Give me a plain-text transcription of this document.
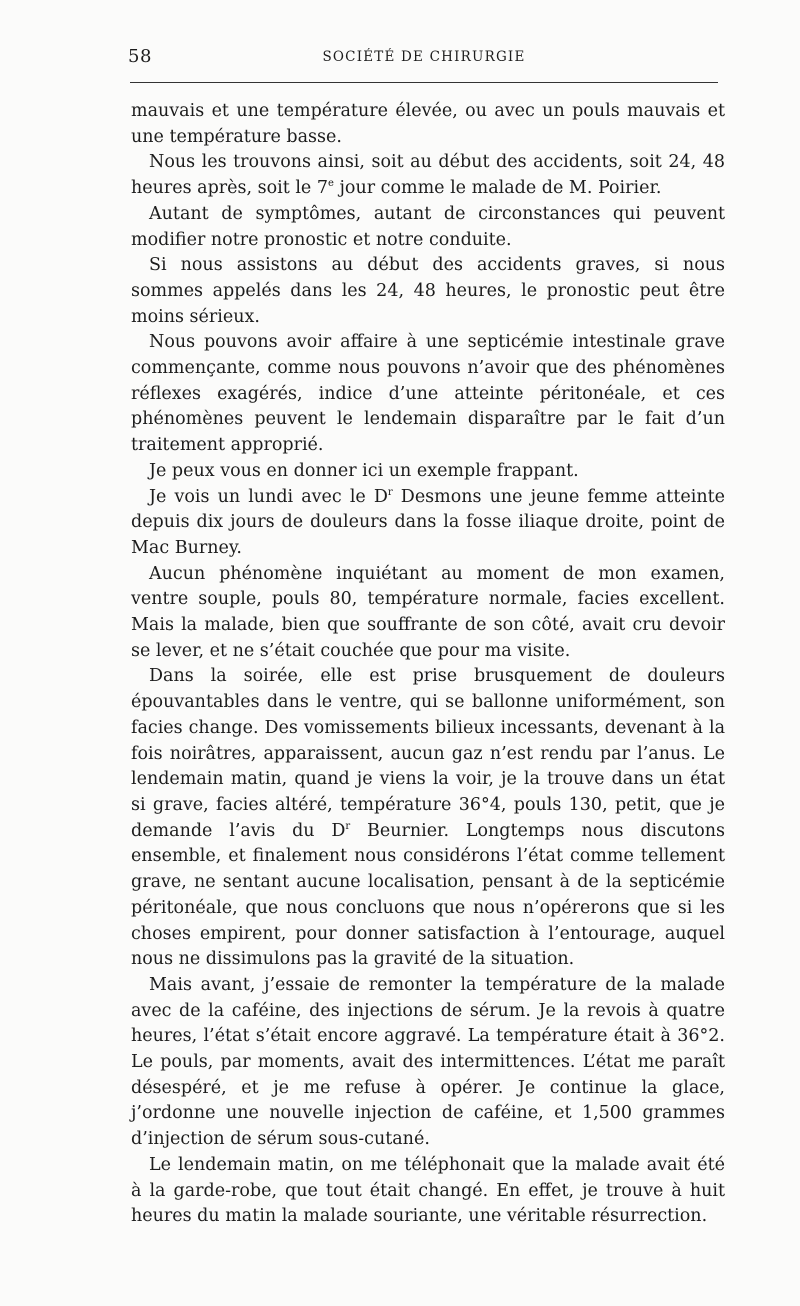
58	SOCIÉTÉ DE CHIRURGIE

mauvais et une température élevée, ou avec un pouls mauvais et une température basse.

Nous les trouvons ainsi, soit au début des accidents, soit 24, 48 heures après, soit le 7e jour comme le malade de M. Poirier.

Autant de symptômes, autant de circonstances qui peuvent modifier notre pronostic et notre conduite.

Si nous assistons au début des accidents graves, si nous sommes appelés dans les 24, 48 heures, le pronostic peut être moins sérieux.

Nous pouvons avoir affaire à une septicémie intestinale grave commençante, comme nous pouvons n’avoir que des phénomènes réflexes exagérés, indice d’une atteinte péritonéale, et ces phénomènes peuvent le lendemain disparaître par le fait d’un traitement approprié.

Je peux vous en donner ici un exemple frappant.

Je vois un lundi avec le $D^r$ Desmons une jeune femme atteinte depuis dix jours de douleurs dans la fosse iliaque droite, point de Mac Burney.

Aucun phénomène inquiétant au moment de mon examen, ventre souple, pouls 80, température normale, facies excellent. Mais la malade, bien que souffrante de son côté, avait cru devoir se lever, et ne s’était couchée que pour ma visite.

Dans la soirée, elle est prise brusquement de douleurs épouvantables dans le ventre, qui se ballonne uniformément, son facies change. Des vomissements bilieux incessants, devenant à la fois noirâtres, apparaissent, aucun gaz n’est rendu par l’anus. Le lendemain matin, quand je viens la voir, je la trouve dans un état si grave, facies altéré, température 36°4, pouls 130, petit, que je demande l’avis du $D^r$ Beurnier. Longtemps nous discutons ensemble, et finalement nous considérons l’état comme tellement grave, ne sentant aucune localisation, pensant à de la septicémie péritonéale, que nous concluons que nous n’opérerons que si les choses empirent, pour donner satisfaction à l’entourage, auquel nous ne dissimulons pas la gravité de la situation.

Mais avant, j’essaie de remonter la température de la malade avec de la caféine, des injections de sérum. Je la revois à quatre heures, l’état s’était encore aggravé. La température était à 36°2. Le pouls, par moments, avait des intermittences. L’état me paraît désespéré, et je me refuse à opérer. Je continue la glace, j’ordonne une nouvelle injection de caféine, et 1,500 grammes d’injection de sérum sous-cutané.

Le lendemain matin, on me téléphonait que la malade avait été à la garde-robe, que tout était changé. En effet, je trouve à huit heures du matin la malade souriante, une véritable résurrection.
